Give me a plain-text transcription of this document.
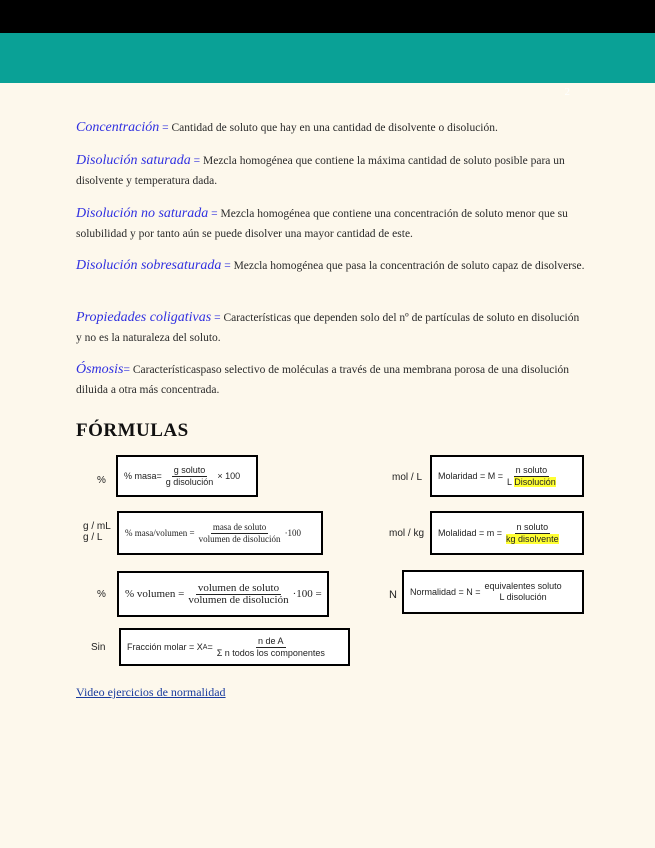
2
Concentración = Cantidad de soluto que hay en una cantidad de disolvente o disolución.
Disolución saturada = Mezcla homogénea que contiene la máxima cantidad de soluto posible para un disolvente y temperatura dada.
Disolución no saturada = Mezcla homogénea que contiene una concentración de soluto menor que su solubilidad y por tanto aún se puede disolver una mayor cantidad de este.
Disolución sobresaturada = Mezcla homogénea que pasa la concentración de soluto capaz de disolverse.
Propiedades coligativas = Características que dependen solo del nº de partículas de soluto en disolución y no es la naturaleza del soluto.
Ósmosis= Característicaspaso selectivo de moléculas a través de una membrana porosa de una disolución diluida a otra más concentrada.
FÓRMULAS
% % masa= $\frac{\text{g soluto}}{\text{g disolución}} \times 100$
g / mL
g / L	% masa/volumen = $\frac{\text{masa de soluto}}{\text{volumen de disolución}} \cdot 100$
% % volumen = $\frac{\text{volumen de soluto}}{\text{volumen de disolución}} \cdot 100$ =
Sin Fracción molar = X $A = \frac{\text{n de A}}{\text{Σ n todos los componentes}}$
mol / L Molaridad = $M = \frac{\text{n soluto}}{\text{L Disolución}}$
mol / kg Molalidad = $m = \frac{\text{n soluto}}{\text{kg disolvente}}$
N Normalidad = N =
equivalentes soluto
L disolución
Video ejercicios de normalidad
